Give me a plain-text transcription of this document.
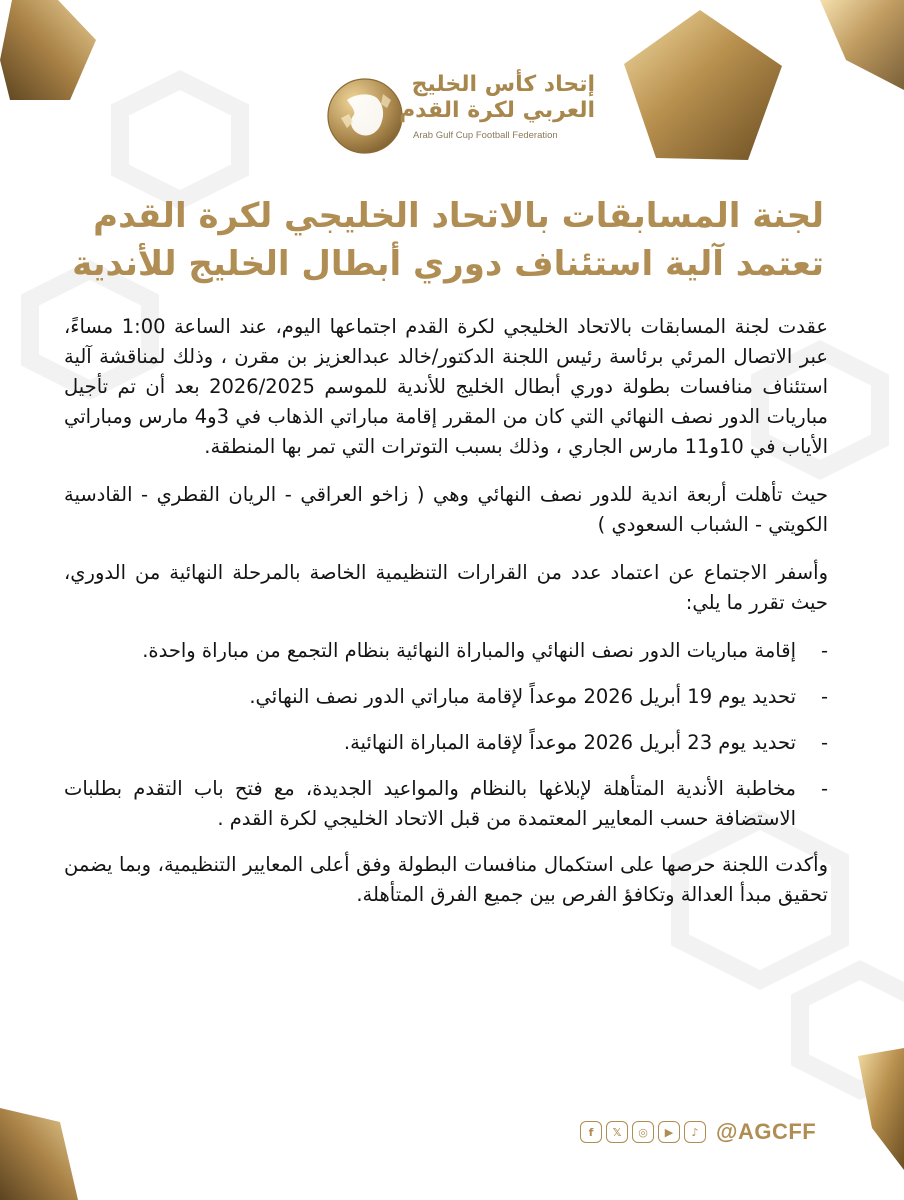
إتحاد كأس الخليج
العربي لكرة القدم
Arab Gulf Cup Football Federation
لجنة المسابقات بالاتحاد الخليجي لكرة القدم
تعتمد آلية استئناف دوري أبطال الخليج للأندية

عقدت لجنة المسابقات بالاتحاد الخليجي لكرة القدم اجتماعها اليوم، عند الساعة 1:00 مساءً، عبر الاتصال المرئي برئاسة رئيس اللجنة الدكتور/خالد عبدالعزيز بن مقرن ، وذلك لمناقشة آلية استئناف منافسات بطولة دوري أبطال الخليج للأندية للموسم 2026/2025 بعد أن تم تأجيل مباريات الدور نصف النهائي التي كان من المقرر إقامة مباراتي الذهاب في 3و4 مارس ومباراتي الأياب في 10و11 مارس الجاري ، وذلك بسبب التوترات التي تمر بها المنطقة.

حيث تأهلت أربعة اندية للدور نصف النهائي وهي ( زاخو العراقي - الريان القطري - القادسية الكويتي - الشباب السعودي )

وأسفر الاجتماع عن اعتماد عدد من القرارات التنظيمية الخاصة بالمرحلة النهائية من الدوري، حيث تقرر ما يلي:

-
إقامة مباريات الدور نصف النهائي والمباراة النهائية بنظام التجمع من مباراة واحدة.
-
تحديد يوم 19 أبريل 2026 موعداً لإقامة مباراتي الدور نصف النهائي.
-
تحديد يوم 23 أبريل 2026 موعداً لإقامة المباراة النهائية.
-
مخاطبة الأندية المتأهلة لإبلاغها بالنظام والمواعيد الجديدة، مع فتح باب التقدم بطلبات الاستضافة حسب المعايير المعتمدة من قبل الاتحاد الخليجي لكرة القدم .

وأكدت اللجنة حرصها على استكمال منافسات البطولة وفق أعلى المعايير التنظيمية، وبما يضمن تحقيق مبدأ العدالة وتكافؤ الفرص بين جميع الفرق المتأهلة.

f	𝕏	◎	▶	♪ @AGCFF
